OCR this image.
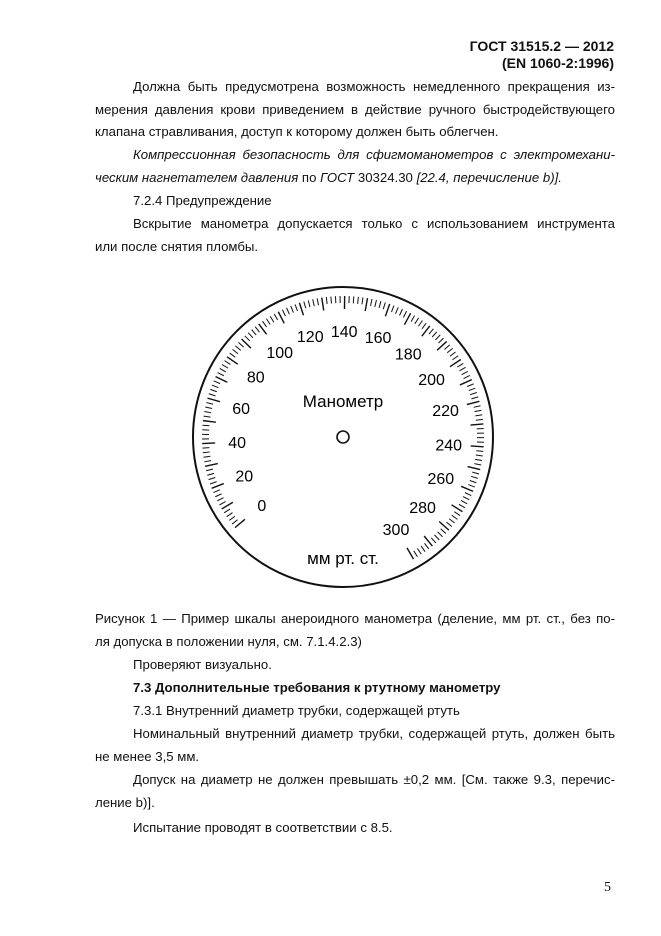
ГОСТ 31515.2 — 2012
(EN 1060-2:1996)
Должна быть предусмотрена возможность немедленного прекращения из-
мерения давления крови приведением в действие ручного быстродействующего
клапана стравливания, доступ к которому должен быть облегчен.
Компрессионная безопасность для сфигмоманометров с электромехани-
ческим нагнетателем давления по ГОСТ 30324.30 [22.4, перечисление b)].
7.2.4 Предупреждение
Вскрытие манометра допускается только с использованием инструмента
или после снятия пломбы.
0
20
40
60
80
100
120 140 160
180
200
220
240
260
280
300
Манометр
мм рт. ст.
Рисунок 1 — Пример шкалы анероидного манометра (деление, мм рт. ст., без по-
ля допуска в положении нуля, см. 7.1.4.2.3)
Проверяют визуально.
7.3 Дополнительные требования к ртутному манометру
7.3.1 Внутренний диаметр трубки, содержащей ртуть
Номинальный внутренний диаметр трубки, содержащей ртуть, должен быть
не менее 3,5 мм.
Допуск на диаметр не должен превышать ±0,2 мм. [См. также 9.3, перечис-
ление b)].
Испытание проводят в соответствии с 8.5.
5
